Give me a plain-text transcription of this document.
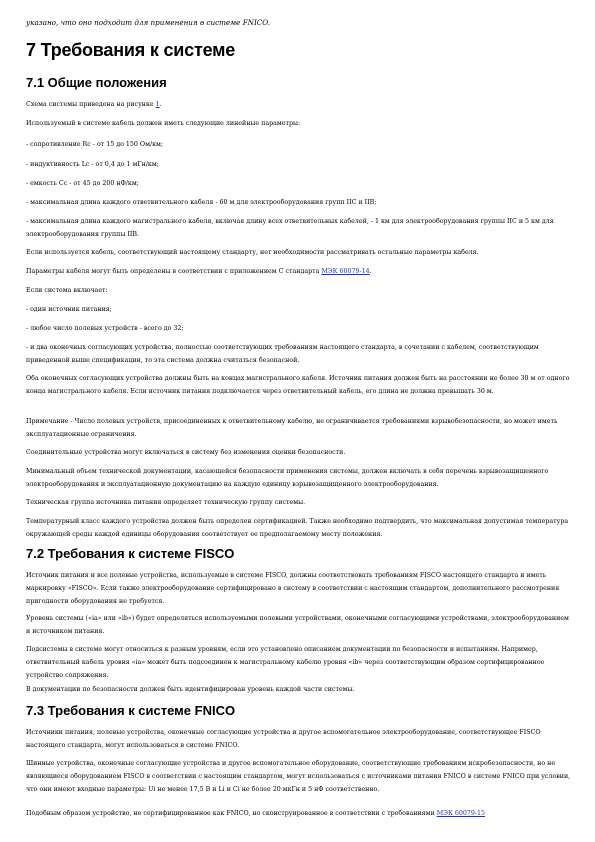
указано, что оно подходит для применения в системе FNICO.
7 Требования к системе
7.1 Общие положения
Схема системы приведена на рисунке 1.
Используемый в системе кабель должен иметь следующие линейные параметры:
- сопротивление Rc - от 15 до 150 Ом/км;
- индуктивность Lc - от 0,4 до 1 мГн/км;
- емкость Cc - от 45 до 200 нФ/км;
- максимальная длина каждого ответвительного кабеля - 60 м для электрооборудования групп IIC и IIB;
- максимальная длина каждого магистрального кабеля, включая длину всех ответвительных кабелей, - 1 км для электрооборудования группы IIC и 5 км для электрооборудования группы IIB.
Если используется кабель, соответствующий настоящему стандарту, нет необходимости рассматривать остальные параметры кабеля.
Параметры кабеля могут быть определены в соответствии с приложением С стандарта МЭК 60079-14.
Если система включает:
- один источник питания;
- любое число полевых устройств - всего до 32;
- и два оконечных согласующих устройства, полностью соответствующих требованиям настоящего стандарта, в сочетании с кабелем, соответствующим приведенной выше спецификации, то эта система должна считаться безопасной.
Оба оконечных согласующих устройства должны быть на концах магистрального кабеля. Источник питания должен быть на расстоянии не более 30 м от одного конца магистрального кабеля. Если источник питания подключается через ответвительный кабель, его длина не должна превышать 30 м.
Примечание - Число полевых устройств, присоединенных к ответвительному кабелю, не ограничивается требованиями взрывобезопасности, но может иметь эксплуатационные ограничения.
Соединительные устройства могут включаться в систему без изменения оценки безопасности.
Минимальный объем технической документации, касающейся безопасности применения системы, должен включать в себя перечень взрывозащищенного электрооборудования и эксплуатационную документацию на каждую единицу взрывозащищенного электрооборудования.
Техническая группа источника питания определяет техническую группу системы.
Температурный класс каждого устройства должен быть определен сертификацией. Также необходимо подтвердить, что максимальная допустимая температура окружающей среды каждой единицы оборудования соответствует ее предполагаемому месту положения.
7.2 Требования к системе FISCO
Источник питания и все полевые устройства, используемые в системе FISCO, должны соответствовать требованиям FISCO настоящего стандарта и иметь маркировку «FISCO». Если также электрооборудование сертифицировано в систему в соответствии с настоящим стандартом, дополнительного рассмотрения пригодности оборудования не требуется.
Уровень системы («ia» или «ib») будет определяться используемыми полевыми устройствами, оконечными согласующими устройствами, электрооборудованием и источником питания.
Подсистемы в системе могут относиться к разным уровням, если это установлено описанием документации по безопасности и испытаниям. Например, ответвительный кабель уровня «ia» может быть подсоединен к магистральному кабелю уровня «ib» через соответствующим образом сертифицированное устройство сопряжения.
В документации по безопасности должен быть идентифицирован уровень каждой части системы.
7.3 Требования к системе FNICO
Источники питания, полевые устройства, оконечные согласующие устройства и другое вспомогательное электрооборудование, соответствующее FISCO настоящего стандарта, могут использоваться в системе FNICO.
Шинные устройства, оконечные согласующие устройства и другое вспомогательное оборудование, соответствующие требованиям искробезопасности, но не являющиеся оборудованием FISCO в соответствии с настоящим стандартом, могут использоваться с источниками питания FNICO в системе FNICO при условии, что они имеют входные параметры: Ui не менее 17,5 В и Li и Ci не более 20 мкГн и 5 нФ соответственно.
Подобным образом устройство, не сертифицированное как FNICO, но сконструированное в соответствии с требованиями МЭК 60079-15
